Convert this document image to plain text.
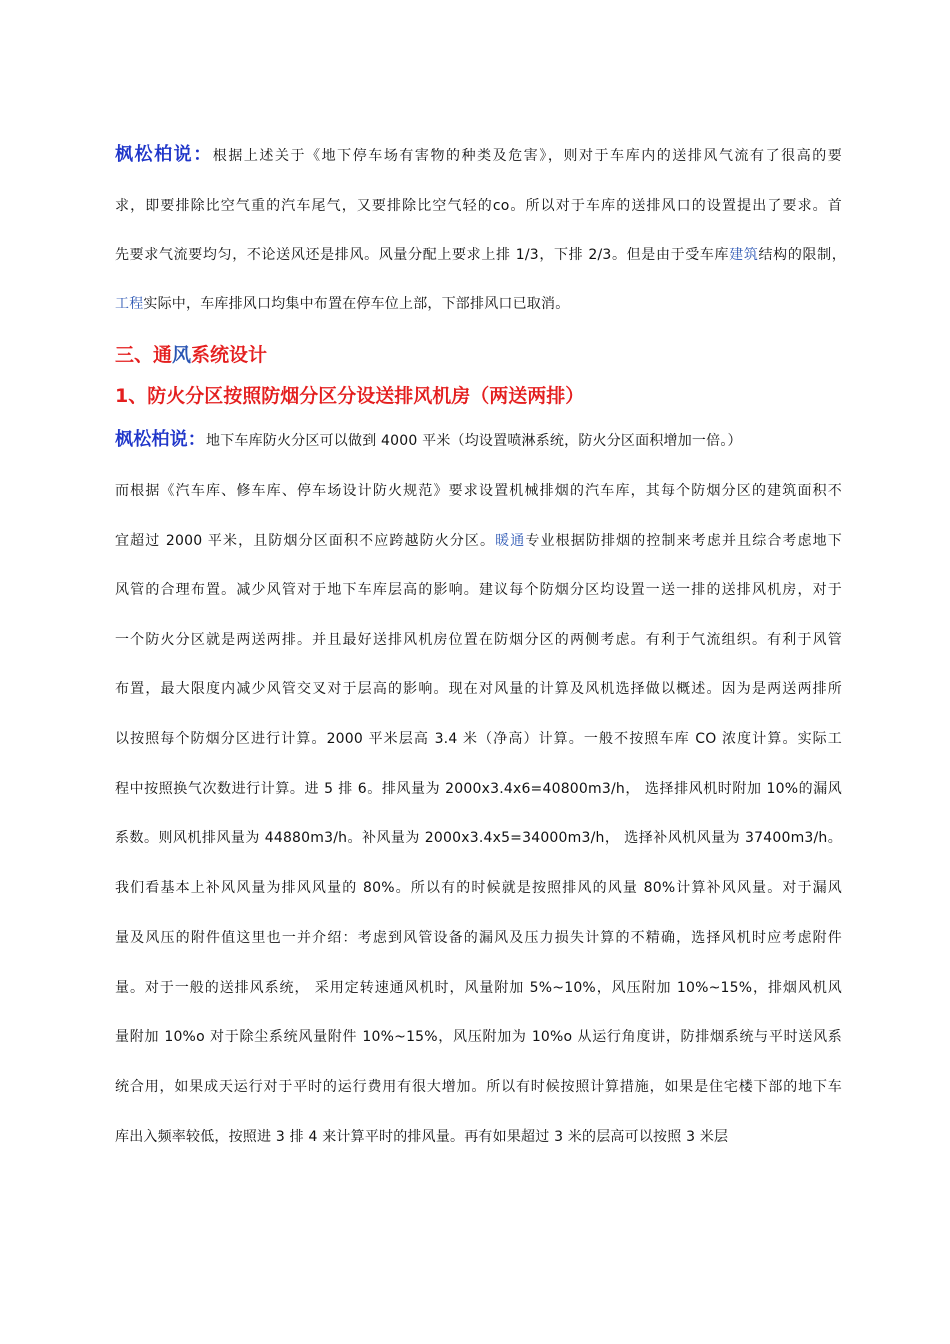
枫松柏说：根据上述关于《地下停车场有害物的种类及危害》，则对于车库内的送排风气流有了很高的要
求，即要排除比空气重的汽车尾气，又要排除比空气轻的co。所以对于车库的送排风口的设置提出了要求。首
先要求气流要均匀，不论送风还是排风。风量分配上要求上排 1/3，下排 2/3。但是由于受车库建筑结构的限制，
工程实际中，车库排风口均集中布置在停车位上部，下部排风口已取消。
三、通风系统设计
1、防火分区按照防烟分区分设送排风机房（两送两排）
枫松柏说：地下车库防火分区可以做到 4000 平米（均设置喷淋系统，防火分区面积增加一倍。）
而根据《汽车库、修车库、停车场设计防火规范》要求设置机械排烟的汽车库，其每个防烟分区的建筑面积不
宜超过 2000 平米，且防烟分区面积不应跨越防火分区。暖通专业根据防排烟的控制来考虑并且综合考虑地下
风管的合理布置。减少风管对于地下车库层高的影响。建议每个防烟分区均设置一送一排的送排风机房，对于
一个防火分区就是两送两排。并且最好送排风机房位置在防烟分区的两侧考虑。有利于气流组织。有利于风管
布置，最大限度内减少风管交叉对于层高的影响。现在对风量的计算及风机选择做以概述。因为是两送两排所
以按照每个防烟分区进行计算。2000 平米层高 3.4 米（净高）计算。一般不按照车库 CO 浓度计算。实际工
程中按照换气次数进行计算。进 5 排 6。排风量为 2000x3.4x6=40800m3/h， 选择排风机时附加 10%的漏风
系数。则风机排风量为 44880m3/h。补风量为 2000x3.4x5=34000m3/h， 选择补风机风量为 37400m3/h。
我们看基本上补风风量为排风风量的 80%。所以有的时候就是按照排风的风量 80%计算补风风量。对于漏风
量及风压的附件值这里也一并介绍：考虑到风管设备的漏风及压力损失计算的不精确，选择风机时应考虑附件
量。对于一般的送排风系统， 采用定转速通风机时，风量附加 5%~10%，风压附加 10%~15%，排烟风机风
量附加 10%o 对于除尘系统风量附件 10%~15%，风压附加为 10%o 从运行角度讲，防排烟系统与平时送风系
统合用，如果成天运行对于平时的运行费用有很大增加。所以有时候按照计算措施，如果是住宅楼下部的地下车
库出入频率较低，按照进 3 排 4 来计算平时的排风量。再有如果超过 3 米的层高可以按照 3 米层
